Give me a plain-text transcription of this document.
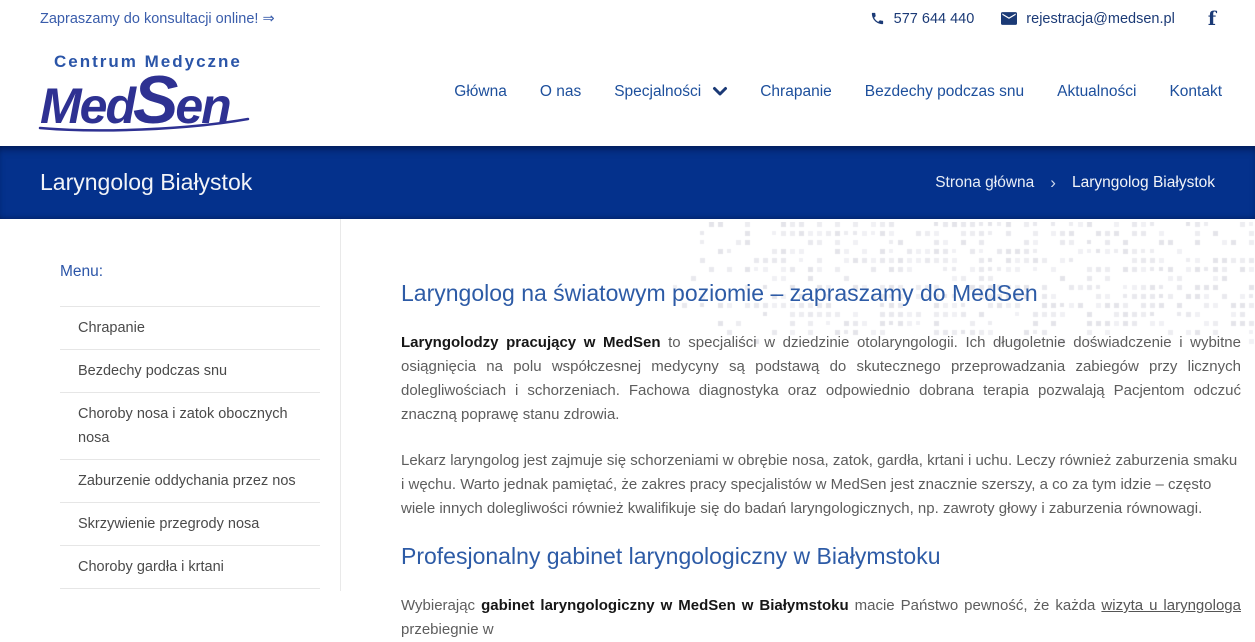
Zapraszamy do konsultacji online! ⇒	577 644 440	rejestracja@medsen.pl	f
Centrum Medyczne
Med S en	Główna O nas Specjalności	Chrapanie Bezdechy podczas snu Aktualności Kontakt
Laryngolog Białystok	Strona główna › Laryngolog Białystok
Menu:
Chrapanie
Bezdechy podczas snu
Choroby nosa i zatok obocznych nosa
Zaburzenie oddychania przez nos
Skrzywienie przegrody nosa
Choroby gardła i krtani
Laryngolog na światowym poziomie – zapraszamy do MedSen

Laryngolodzy pracujący w MedSen to specjaliści w dziedzinie otolaryngologii. Ich długoletnie doświadczenie i wybitne osiągnięcia na polu współczesnej medycyny są podstawą do skutecznego przeprowadzania zabiegów przy licznych dolegliwościach i schorzeniach. Fachowa diagnostyka oraz odpowiednio dobrana terapia pozwalają Pacjentom odczuć znaczną poprawę stanu zdrowia.

Lekarz laryngolog jest zajmuje się schorzeniami w obrębie nosa, zatok, gardła, krtani i uchu. Leczy również zaburzenia smaku i węchu. Warto jednak pamiętać, że zakres pracy specjalistów w MedSen jest znacznie szerszy, a co za tym idzie – często wiele innych dolegliwości również kwalifikuje się do badań laryngologicznych, np. zawroty głowy i zaburzenia równowagi.

Profesjonalny gabinet laryngologiczny w Białymstoku

Wybierając gabinet laryngologiczny w MedSen w Białymstoku macie Państwo pewność, że każda wizyta u laryngologa przebiegnie w
